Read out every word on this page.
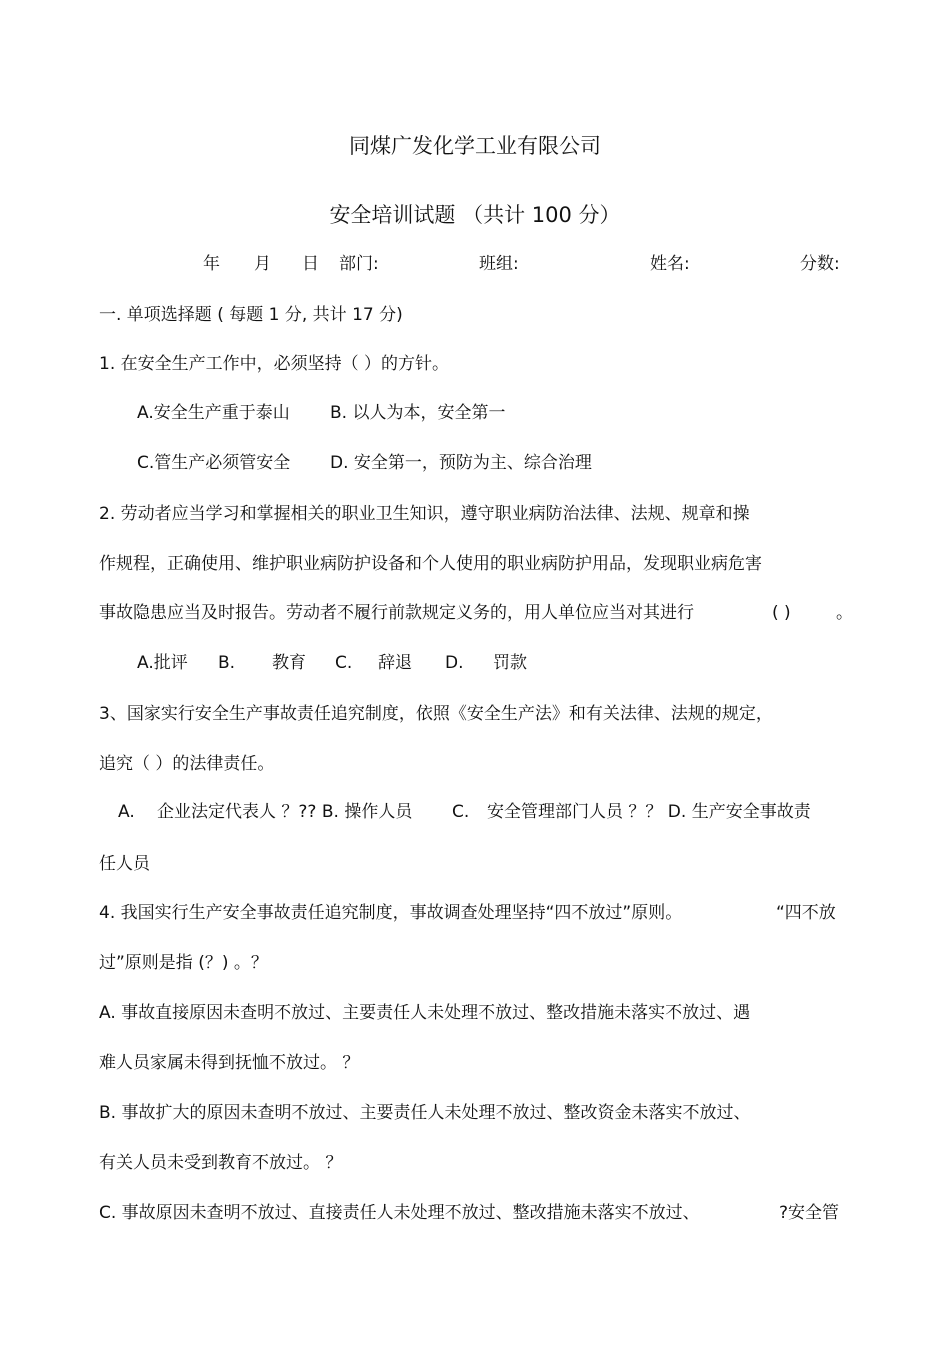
同煤广发化学工业有限公司
安全培训试题 （共计 100 分）
年 月 日 部门:	班组:	姓名:	分数:
一. 单项选择题 ( 每题 1 分, 共计 17 分)
1. 在安全生产工作中，必须坚持（ ）的方针。
A.安全生产重于泰山 B. 以人为本，安全第一
C.管生产必须管安全 D. 安全第一，预防为主、综合治理
2. 劳动者应当学习和掌握相关的职业卫生知识，遵守职业病防治法律、法规、规章和操
作规程，正确使用、维护职业病防护设备和个人使用的职业病防护用品，发现职业病危害
事故隐患应当及时报告。劳动者不履行前款规定义务的，用人单位应当对其进行	( )	。
A.批评 B. 教育 C. 辞退 D. 罚款
3、国家实行安全生产事故责任追究制度，依照《安全生产法》和有关法律、法规的规定，
追究（ ）的法律责任。
A. 企业法定代表人 ？?? B. 操作人员 C. 安全管理部门人员 ？？ D. 生产安全事故责
任人员
4. 我国实行生产安全事故责任追究制度，事故调查处理坚持“四不放过”原则。	“四不放
过”原则是指 (？) 。？
A. 事故直接原因未查明不放过、主要责任人未处理不放过、整改措施未落实不放过、遇
难人员家属未得到抚恤不放过。 ？
B. 事故扩大的原因未查明不放过、主要责任人未处理不放过、整改资金未落实不放过、
有关人员未受到教育不放过。 ？
C. 事故原因未查明不放过、直接责任人未处理不放过、整改措施未落实不放过、	?安全管
